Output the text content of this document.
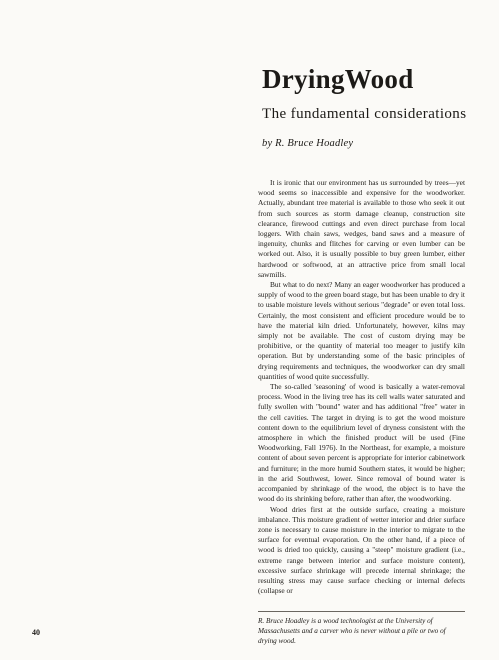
DryingWood
The fundamental considerations
by R. Bruce Hoadley

It is ironic that our environment has us surrounded by trees—yet wood seems so inaccessible and expensive for the woodworker. Actually, abundant tree material is available to those who seek it out from such sources as storm damage cleanup, construction site clearance, firewood cuttings and even direct purchase from local loggers. With chain saws, wedges, band saws and a measure of ingenuity, chunks and flitches for carving or even lumber can be worked out. Also, it is usually possible to buy green lumber, either hardwood or softwood, at an attractive price from small local sawmills.

But what to do next? Many an eager woodworker has produced a supply of wood to the green board stage, but has been unable to dry it to usable moisture levels without serious "degrade" or even total loss. Certainly, the most consistent and efficient procedure would be to have the material kiln dried. Unfortunately, however, kilns may simply not be available. The cost of custom drying may be prohibitive, or the quantity of material too meager to justify kiln operation. But by understanding some of the basic principles of drying requirements and techniques, the woodworker can dry small quantities of wood quite successfully.

The so-called 'seasoning' of wood is basically a water-removal process. Wood in the living tree has its cell walls water saturated and fully swollen with "bound" water and has additional "free" water in the cell cavities. The target in drying is to get the wood moisture content down to the equilibrium level of dryness consistent with the atmosphere in which the finished product will be used (Fine Woodworking, Fall 1976). In the Northeast, for example, a moisture content of about seven percent is appropriate for interior cabinetwork and furniture; in the more humid Southern states, it would be higher; in the arid Southwest, lower. Since removal of bound water is accompanied by shrinkage of the wood, the object is to have the wood do its shrinking before, rather than after, the woodworking.

Wood dries first at the outside surface, creating a moisture imbalance. This moisture gradient of wetter interior and drier surface zone is necessary to cause moisture in the interior to migrate to the surface for eventual evaporation. On the other hand, if a piece of wood is dried too quickly, causing a "steep" moisture gradient (i.e., extreme range between interior and surface moisture content), excessive surface shrinkage will precede internal shrinkage; the resulting stress may cause surface checking or internal defects (collapse or

R. Bruce Hoadley is a wood technologist at the University of Massachusetts and a carver who is never without a pile or two of drying wood.

40
